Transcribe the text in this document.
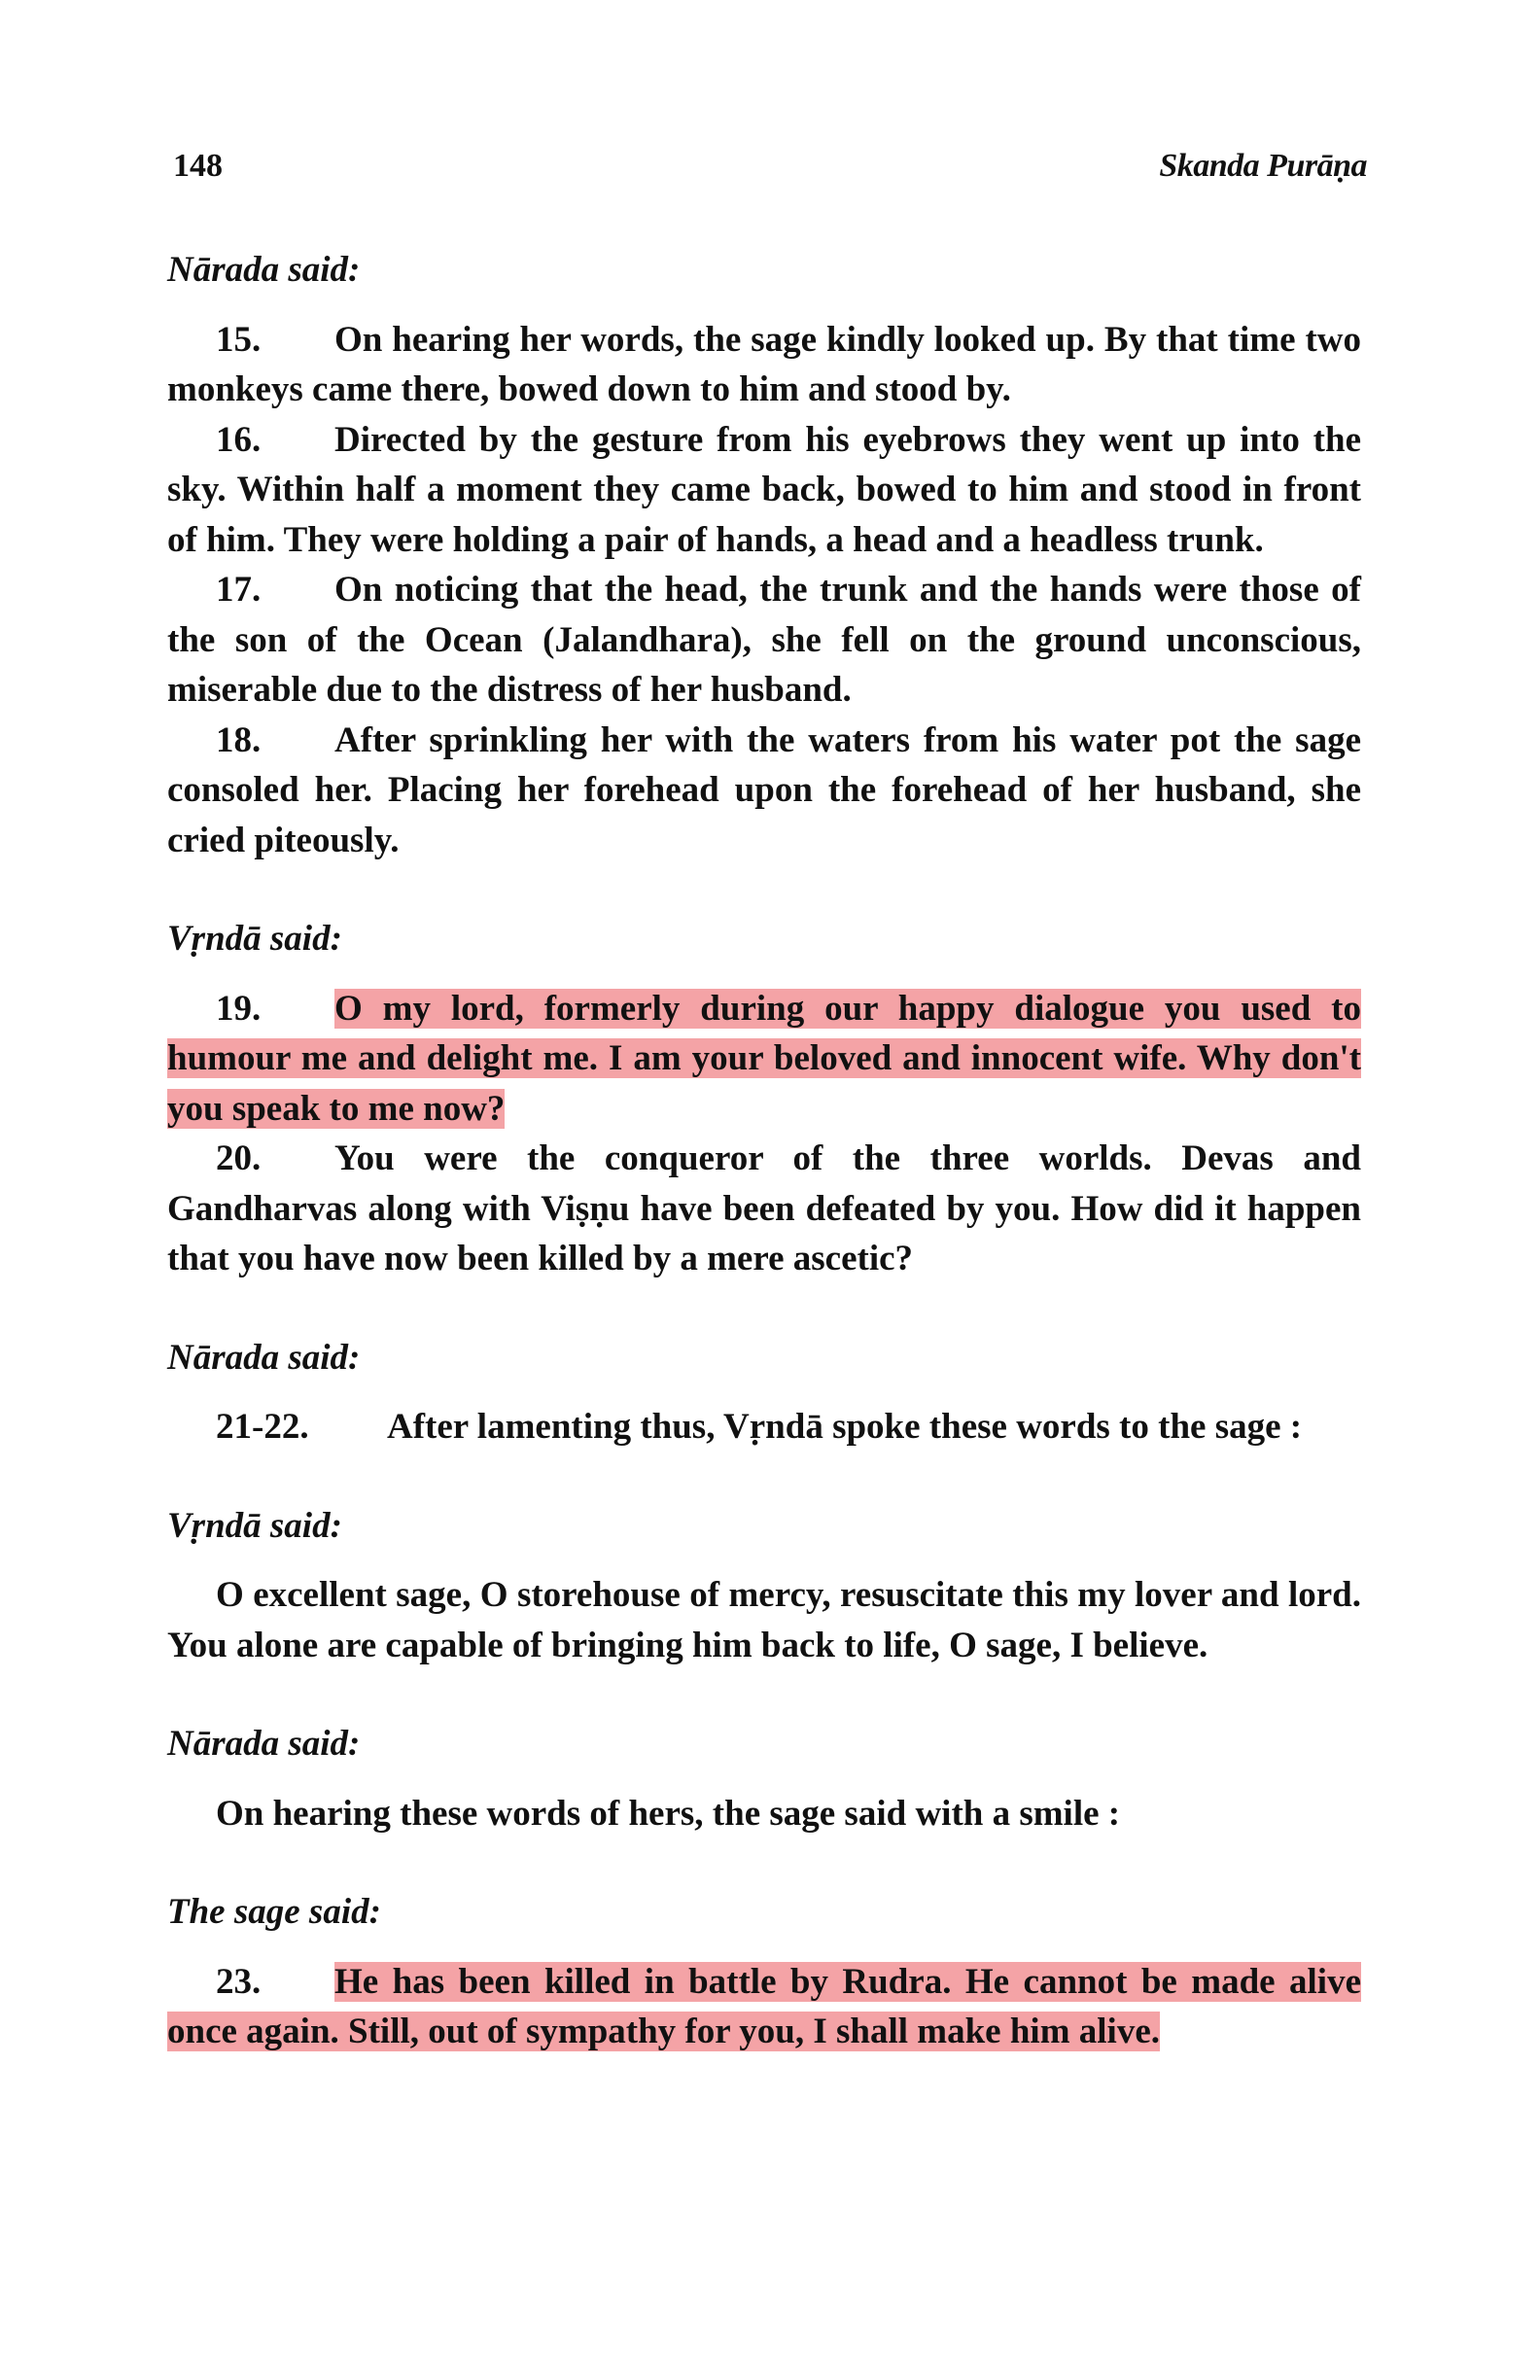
148	Skanda Purāṇa

Nārada said:

15. On hearing her words, the sage kindly looked up. By that time two monkeys came there, bowed down to him and stood by.

16. Directed by the gesture from his eyebrows they went up into the sky. Within half a moment they came back, bowed to him and stood in front of him. They were holding a pair of hands, a head and a headless trunk.

17. On noticing that the head, the trunk and the hands were those of the son of the Ocean (Jalandhara), she fell on the ground unconscious, miserable due to the distress of her husband.

18. After sprinkling her with the waters from his water pot the sage consoled her. Placing her forehead upon the forehead of her husband, she cried piteously.

Vṛndā said:

19. O my lord, formerly during our happy dialogue you used to humour me and delight me. I am your beloved and innocent wife. Why don't you speak to me now?

20. You were the conqueror of the three worlds. Devas and Gandharvas along with Viṣṇu have been defeated by you. How did it happen that you have now been killed by a mere ascetic?

Nārada said:

21-22. After lamenting thus, Vṛndā spoke these words to the sage :

Vṛndā said:

O excellent sage, O storehouse of mercy, resuscitate this my lover and lord. You alone are capable of bringing him back to life, O sage, I believe.

Nārada said:

On hearing these words of hers, the sage said with a smile :

The sage said:

23. He has been killed in battle by Rudra. He cannot be made alive once again. Still, out of sympathy for you, I shall make him alive.
